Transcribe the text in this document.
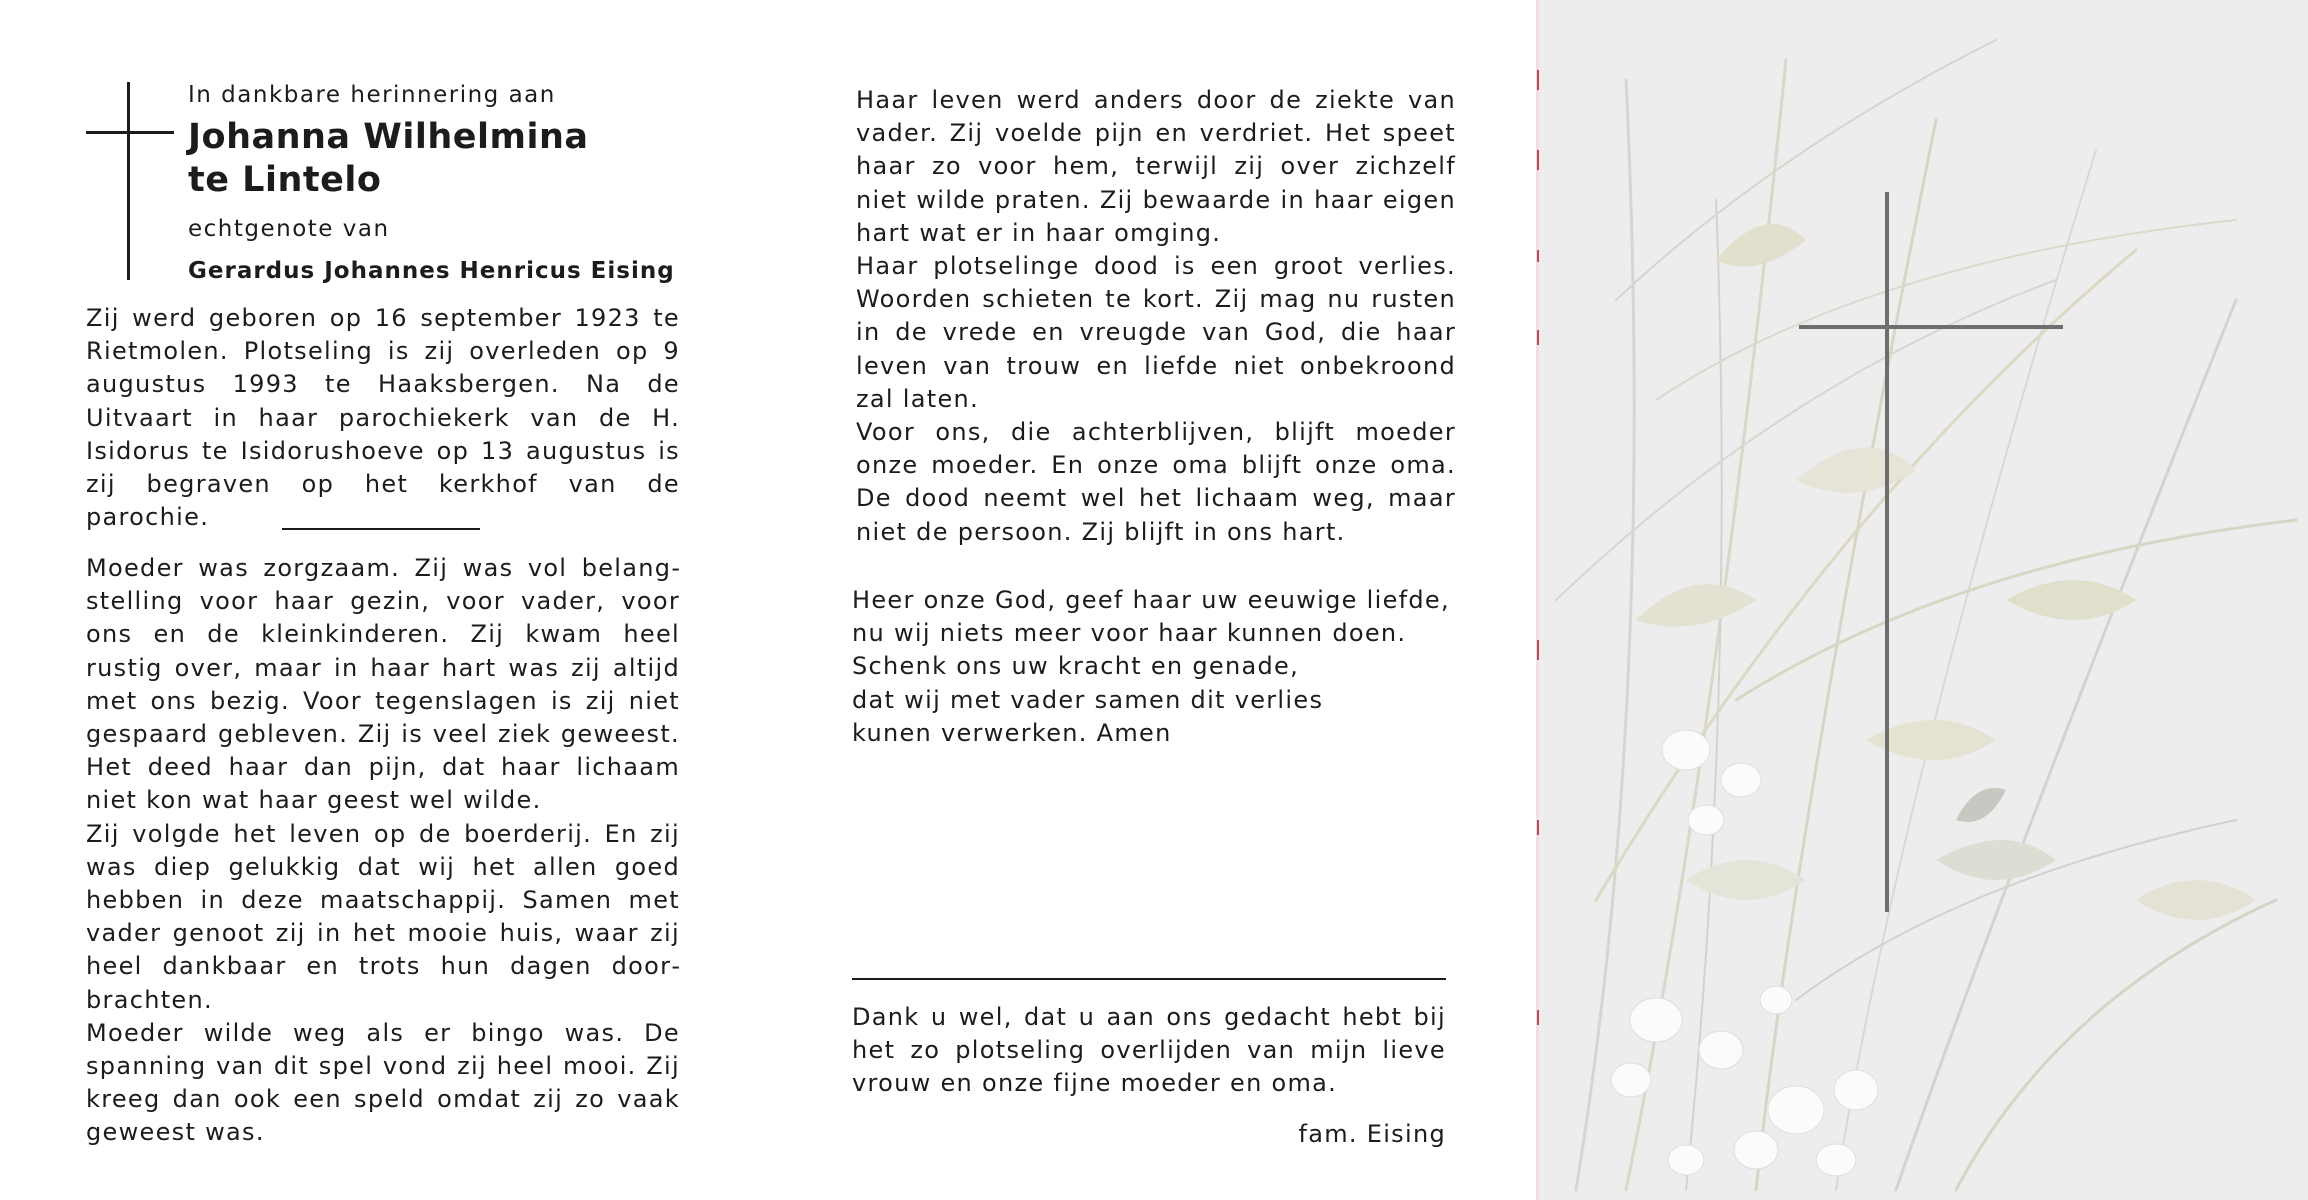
In dankbare herinnering aan

Johanna Wilhelmina
te Lintelo

echtgenote van

Gerardus Johannes Henricus Eising

Zij werd geboren op 16 september 1923 te Rietmolen. Plotseling is zij overleden op 9 augustus 1993 te Haaksbergen. Na de Uitvaart in haar parochiekerk van de H. Isidorus te Isidorushoeve op 13 augustus is zij begraven op het kerkhof van de parochie.

Moeder was zorgzaam. Zij was vol belangstelling voor haar gezin, voor vader, voor ons en de kleinkinderen. Zij kwam heel rustig over, maar in haar hart was zij altijd met ons bezig. Voor tegenslagen is zij niet gespaard gebleven. Zij is veel ziek geweest. Het deed haar dan pijn, dat haar lichaam niet kon wat haar geest wel wilde.

Zij volgde het leven op de boerderij. En zij was diep gelukkig dat wij het allen goed hebben in deze maatschappij. Samen met vader genoot zij in het mooie huis, waar zij heel dankbaar en trots hun dagen doorbrachten.

Moeder wilde weg als er bingo was. De spanning van dit spel vond zij heel mooi. Zij kreeg dan ook een speld omdat zij zo vaak geweest was.

Haar leven werd anders door de ziekte van vader. Zij voelde pijn en verdriet. Het speet haar zo voor hem, terwijl zij over zichzelf niet wilde praten. Zij bewaarde in haar eigen hart wat er in haar omging.

Haar plotselinge dood is een groot verlies. Woorden schieten te kort. Zij mag nu rusten in de vrede en vreugde van God, die haar leven van trouw en liefde niet onbekroond zal laten.

Voor ons, die achterblijven, blijft moeder onze moeder. En onze oma blijft onze oma. De dood neemt wel het lichaam weg, maar niet de persoon. Zij blijft in ons hart.

Heer onze God, geef haar uw eeuwige liefde,

nu wij niets meer voor haar kunnen doen.

Schenk ons uw kracht en genade,

dat wij met vader samen dit verlies

kunen verwerken. Amen

Dank u wel, dat u aan ons gedacht hebt bij het zo plotseling overlijden van mijn lieve vrouw en onze fijne moeder en oma.

fam. Eising
